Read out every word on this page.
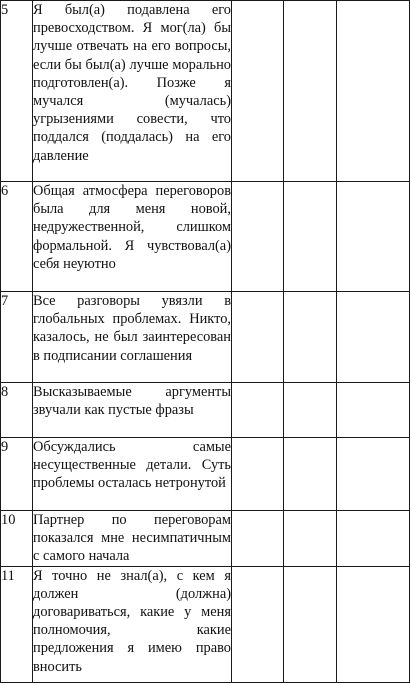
5	Я был(а) подавлена его превосходством. Я мог(ла) бы лучше отвечать на его вопросы, если бы был(а) лучше морально подготовлен(а). Позже я мучался (мучалась) угрызениями совести, что поддался (поддалась) на его давление			
6	Общая атмосфера переговоров была для меня новой, недружественной, слишком формальной. Я чувствовал(а) себя неуютно			
7	Все разговоры увязли в глобальных проблемах. Никто, казалось, не был заинтересован в подписании соглашения			
8	Высказываемые аргументы звучали как пустые фразы			
9	Обсуждались самые несущественные детали. Суть проблемы осталась нетронутой			
10	Партнер по переговорам показался мне несимпатичным с самого начала			
11	Я точно не знал(а), с кем я должен (должна) договариваться, какие у меня полномочия, какие предложения я имею право вносить			
